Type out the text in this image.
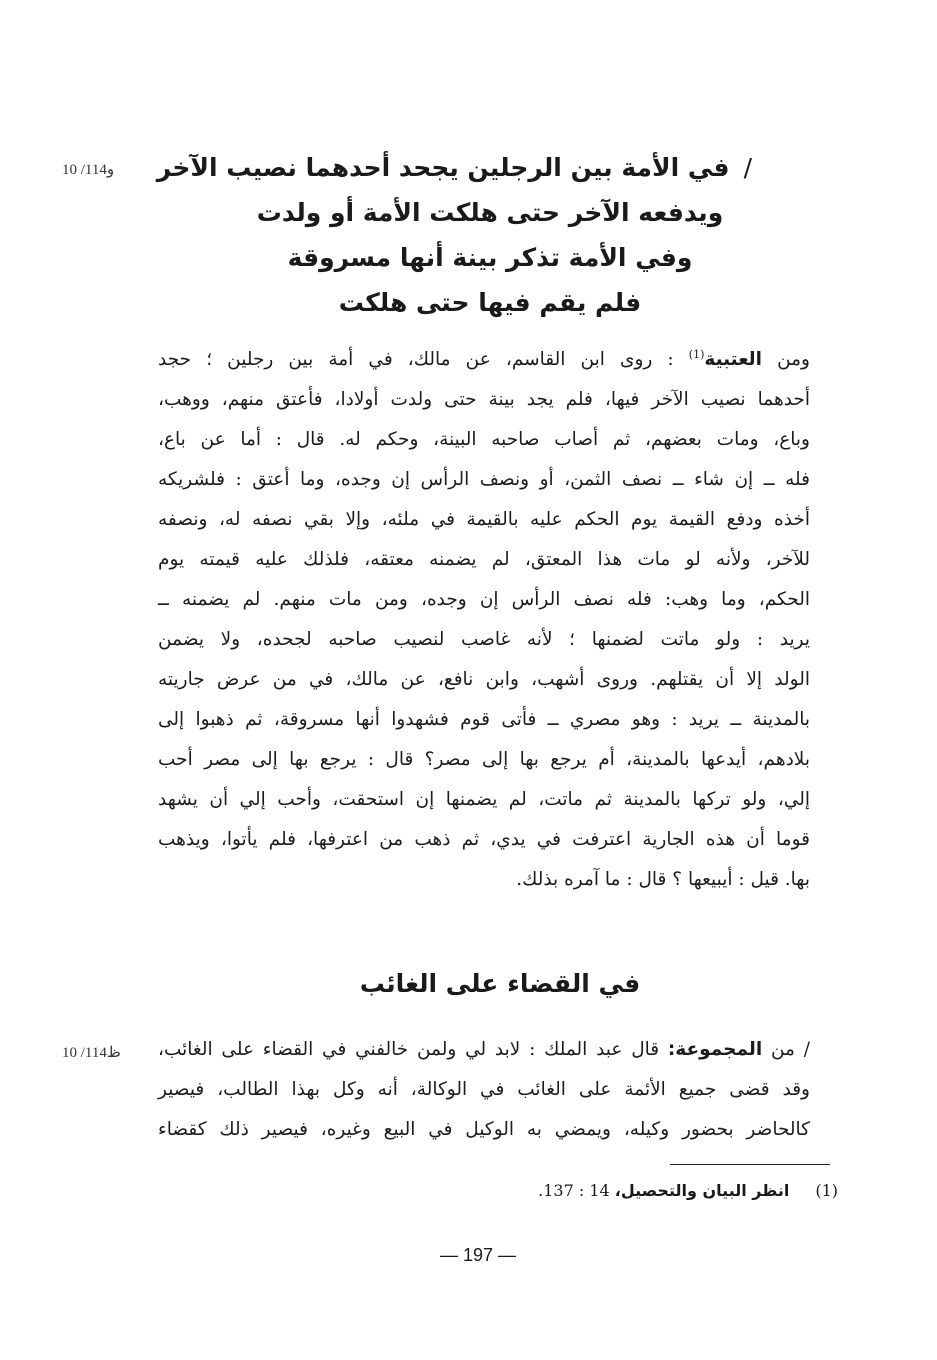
10 /114و	/في الأمة بين الرجلين يجحد أحدهما نصيب الآخر
ويدفعه الآخر حتى هلكت الأمة أو ولدت
وفي الأمة تذكر بينة أنها مسروقة
فلم يقم فيها حتى هلكت
ومن العتبية$^{(1)}$ : روى ابن القاسم، عن مالك، في أمة بين رجلين ؛ حجد
أحدهما نصيب الآخر فيها، فلم يجد بينة حتى ولدت أولادا، فأعتق منهم، ووهب،
وباع، ومات بعضهم، ثم أصاب صاحبه البينة، وحكم له. قال : أما عن باع،
فله ــ إن شاء ــ نصف الثمن، أو ونصف الرأس إن وجده، وما أعتق : فلشريكه
أخذه ودفع القيمة يوم الحكم عليه بالقيمة في ملئه، وإلا بقي نصفه له، ونصفه
للآخر، ولأنه لو مات هذا المعتق، لم يضمنه معتقه، فلذلك عليه قيمته يوم
الحكم، وما وهب: فله نصف الرأس إن وجده، ومن مات منهم. لم يضمنه ــ
يريد : ولو ماتت لضمنها ؛ لأنه غاصب لنصيب صاحبه لجحده، ولا يضمن
الولد إلا أن يقتلهم. وروى أشهب، وابن نافع، عن مالك، في من عرض جاريته
بالمدينة ــ يريد : وهو مصري ــ فأتى قوم فشهدوا أنها مسروقة، ثم ذهبوا إلى
بلادهم، أيدعها بالمدينة، أم يرجع بها إلى مصر؟ قال : يرجع بها إلى مصر أحب
إلي، ولو تركها بالمدينة ثم ماتت، لم يضمنها إن استحقت، وأحب إلي أن يشهد
قوما أن هذه الجارية اعترفت في يدي، ثم ذهب من اعترفها، فلم يأتوا، ويذهب
بها. قيل : أيبيعها ؟ قال : ما آمره بذلك.
في القضاء على الغائب
10 /114ظ	/ من المجموعة: قال عبد الملك : لابد لي ولمن خالفني في القضاء على الغائب،
وقد قضى جميع الأئمة على الغائب في الوكالة، أنه وكل بهذا الطالب، فيصير
كالحاضر بحضور وكيله، ويمضي به الوكيل في البيع وغيره، فيصير ذلك كقضاء
(1)انظر البيان والتحصيل، 14 : 137.
— 197 —
